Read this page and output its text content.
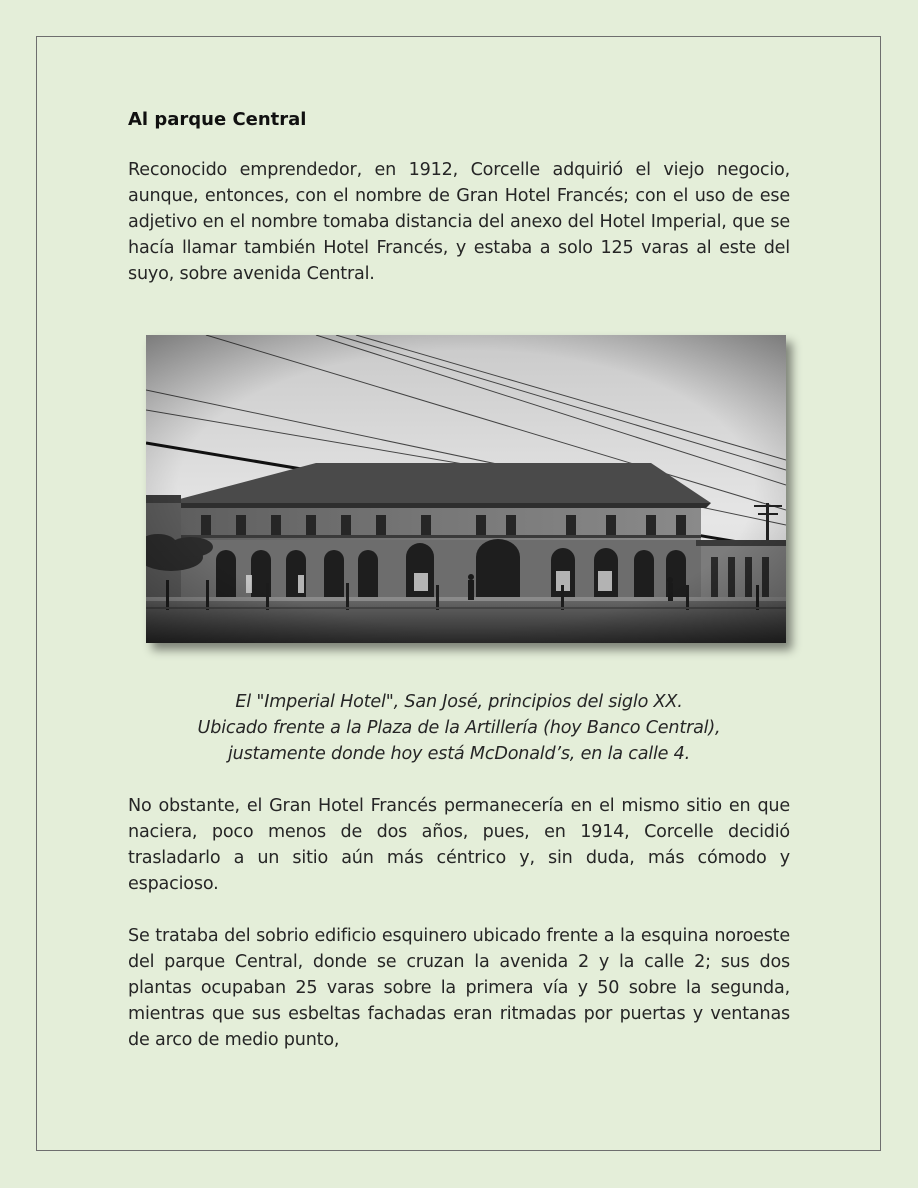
Al parque Central

Reconocido emprendedor, en 1912, Corcelle adquirió el viejo negocio, aunque, entonces, con el nombre de Gran Hotel Francés; con el uso de ese adjetivo en el nombre tomaba distancia del anexo del Hotel Imperial, que se hacía llamar también Hotel Francés, y estaba a solo 125 varas al este del suyo, sobre avenida Central.

El "Imperial Hotel", San José, principios del siglo XX.
Ubicado frente a la Plaza de la Artillería (hoy Banco Central),
justamente donde hoy está McDonald’s, en la calle 4.

No obstante, el Gran Hotel Francés permanecería en el mismo sitio en que naciera, poco menos de dos años, pues, en 1914, Corcelle decidió trasladarlo a un sitio aún más céntrico y, sin duda, más cómodo y espacioso.

Se trataba del sobrio edificio esquinero ubicado frente a la esquina noroeste del parque Central, donde se cruzan la avenida 2 y la calle 2; sus dos plantas ocupaban 25 varas sobre la primera vía y 50 sobre la segunda, mientras que sus esbeltas fachadas eran ritmadas por puertas y ventanas de arco de medio punto,
